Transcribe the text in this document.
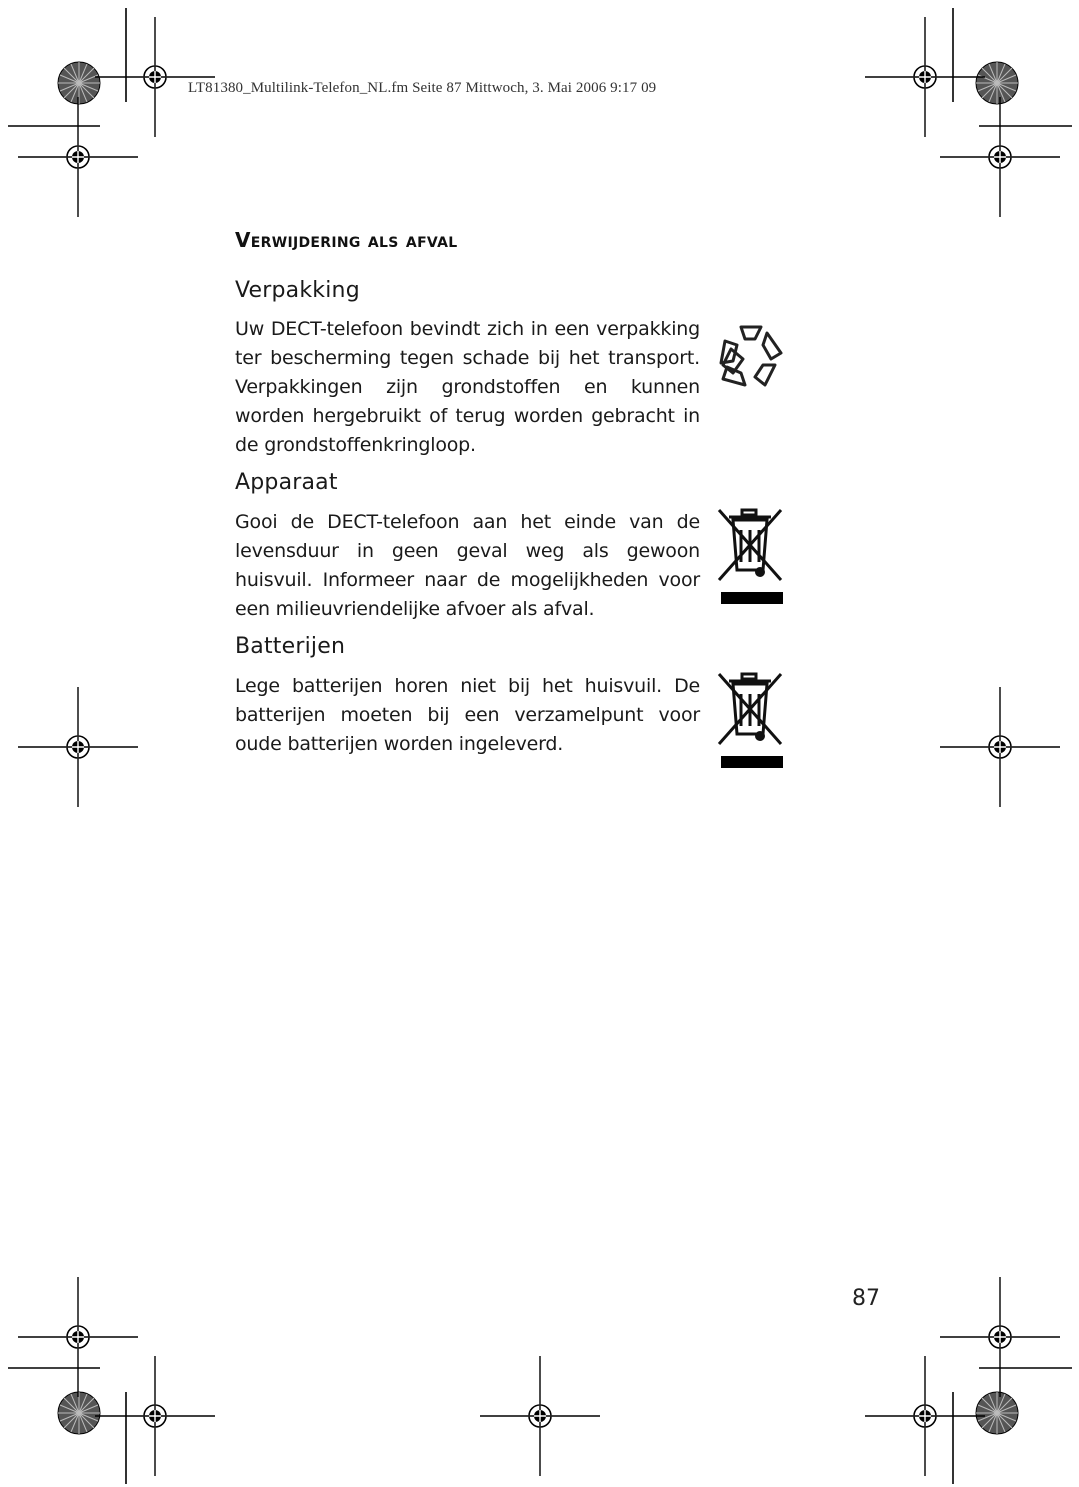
LT81380_Multilink-Telefon_NL.fm Seite 87 Mittwoch, 3. Mai 2006 9:17 09
Verwijdering als afval
Verpakking

Uw DECT-telefoon bevindt zich in een verpakking ter bescherming tegen schade bij het transport. Verpakkingen zijn grondstoffen en kunnen worden hergebruikt of terug worden gebracht in de grondstoffenkringloop.

Apparaat

Gooi de DECT-telefoon aan het einde van de levensduur in geen geval weg als gewoon huisvuil. Informeer naar de mogelijkheden voor een milieuvriendelijke afvoer als afval.

Batterijen

Lege batterijen horen niet bij het huisvuil. De batterijen moeten bij een verzamelpunt voor oude batterijen worden ingeleverd.

87
